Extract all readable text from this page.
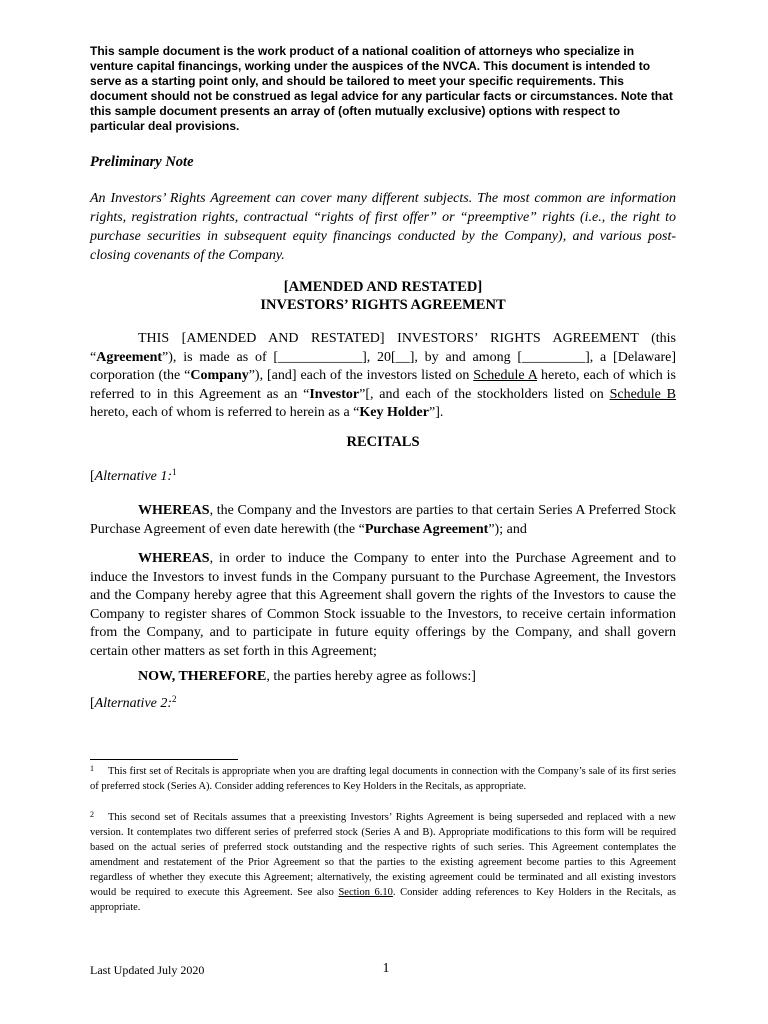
This sample document is the work product of a national coalition of attorneys who specialize in venture capital financings, working under the auspices of the NVCA. This document is intended to serve as a starting point only, and should be tailored to meet your specific requirements. This document should not be construed as legal advice for any particular facts or circumstances. Note that this sample document presents an array of (often mutually exclusive) options with respect to particular deal provisions.

Preliminary Note

An Investors’ Rights Agreement can cover many different subjects. The most common are information rights, registration rights, contractual “rights of first offer” or “preemptive” rights (i.e., the right to purchase securities in subsequent equity financings conducted by the Company), and various post-closing covenants of the Company.

[AMENDED AND RESTATED]

INVESTORS’ RIGHTS AGREEMENT

THIS [AMENDED AND RESTATED] INVESTORS’ RIGHTS AGREEMENT (this “Agreement”), is made as of [____________], 20[__], by and among [_________], a [Delaware] corporation (the “Company”), [and] each of the investors listed on Schedule A hereto, each of which is referred to in this Agreement as an “Investor”[, and each of the stockholders listed on Schedule B hereto, each of whom is referred to herein as a “Key Holder”].

RECITALS

[Alternative 1:$^1$

WHEREAS, the Company and the Investors are parties to that certain Series A Preferred Stock Purchase Agreement of even date herewith (the “Purchase Agreement”); and

WHEREAS, in order to induce the Company to enter into the Purchase Agreement and to induce the Investors to invest funds in the Company pursuant to the Purchase Agreement, the Investors and the Company hereby agree that this Agreement shall govern the rights of the Investors to cause the Company to register shares of Common Stock issuable to the Investors, to receive certain information from the Company, and to participate in future equity offerings by the Company, and shall govern certain other matters as set forth in this Agreement;

NOW, THEREFORE, the parties hereby agree as follows:]

[Alternative 2:$^2$

$^1$ This first set of Recitals is appropriate when you are drafting legal documents in connection with the Company’s sale of its first series of preferred stock (Series A). Consider adding references to Key Holders in the Recitals, as appropriate.

$^2$ This second set of Recitals assumes that a preexisting Investors’ Rights Agreement is being superseded and replaced with a new version. It contemplates two different series of preferred stock (Series A and B). Appropriate modifications to this form will be required based on the actual series of preferred stock outstanding and the respective rights of such series. This Agreement contemplates the amendment and restatement of the Prior Agreement so that the parties to the existing agreement become parties to this Agreement regardless of whether they execute this Agreement; alternatively, the existing agreement could be terminated and all existing investors would be required to execute this Agreement. See also Section 6.10. Consider adding references to Key Holders in the Recitals, as appropriate.

Last Updated July 2020	1
